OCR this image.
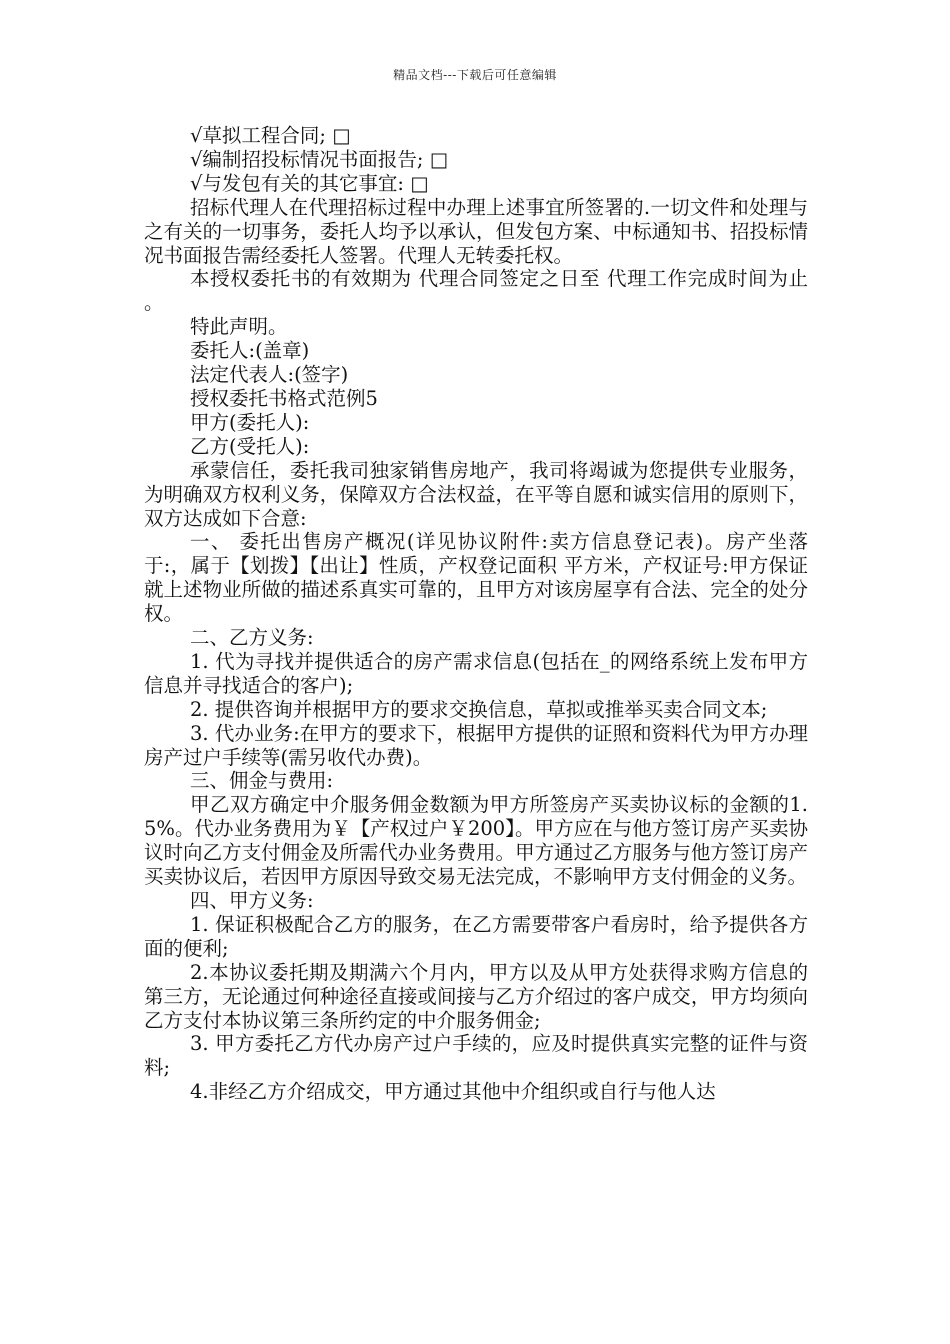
精品文档---下载后可任意编辑

√草拟工程合同; □

√编制招投标情况书面报告; □

√与发包有关的其它事宜: □

招标代理人在代理招标过程中办理上述事宜所签署的.一切文件和处理与之有关的一切事务，委托人均予以承认，但发包方案、中标通知书、招投标情况书面报告需经委托人签署。代理人无转委托权。

本授权委托书的有效期为 代理合同签定之日至 代理工作完成时间为止 。

特此声明。

委托人:(盖章)

法定代表人:(签字)

授权委托书格式范例5

甲方(委托人):

乙方(受托人):

承蒙信任，委托我司独家销售房地产，我司将竭诚为您提供专业服务，为明确双方权利义务，保障双方合法权益，在平等自愿和诚实信用的原则下，双方达成如下合意:

一、 委托出售房产概况(详见协议附件:卖方信息登记表)。房产坐落于:，属于【划拨】【出让】性质，产权登记面积 平方米，产权证号:甲方保证就上述物业所做的描述系真实可靠的，且甲方对该房屋享有合法、完全的处分权。

二、乙方义务:

1. 代为寻找并提供适合的房产需求信息(包括在_的网络系统上发布甲方信息并寻找适合的客户);

2. 提供咨询并根据甲方的要求交换信息，草拟或推举买卖合同文本;

3. 代办业务:在甲方的要求下，根据甲方提供的证照和资料代为甲方办理房产过户手续等(需另收代办费)。

三、佣金与费用:

甲乙双方确定中介服务佣金数额为甲方所签房产买卖协议标的金额的1.5%。代办业务费用为￥【产权过户￥200】。甲方应在与他方签订房产买卖协议时向乙方支付佣金及所需代办业务费用。甲方通过乙方服务与他方签订房产买卖协议后，若因甲方原因导致交易无法完成，不影响甲方支付佣金的义务。

四、甲方义务:

1. 保证积极配合乙方的服务，在乙方需要带客户看房时，给予提供各方面的便利;

2.本协议委托期及期满六个月内，甲方以及从甲方处获得求购方信息的第三方，无论通过何种途径直接或间接与乙方介绍过的客户成交，甲方均须向乙方支付本协议第三条所约定的中介服务佣金;

3. 甲方委托乙方代办房产过户手续的，应及时提供真实完整的证件与资料;

4.非经乙方介绍成交，甲方通过其他中介组织或自行与他人达
